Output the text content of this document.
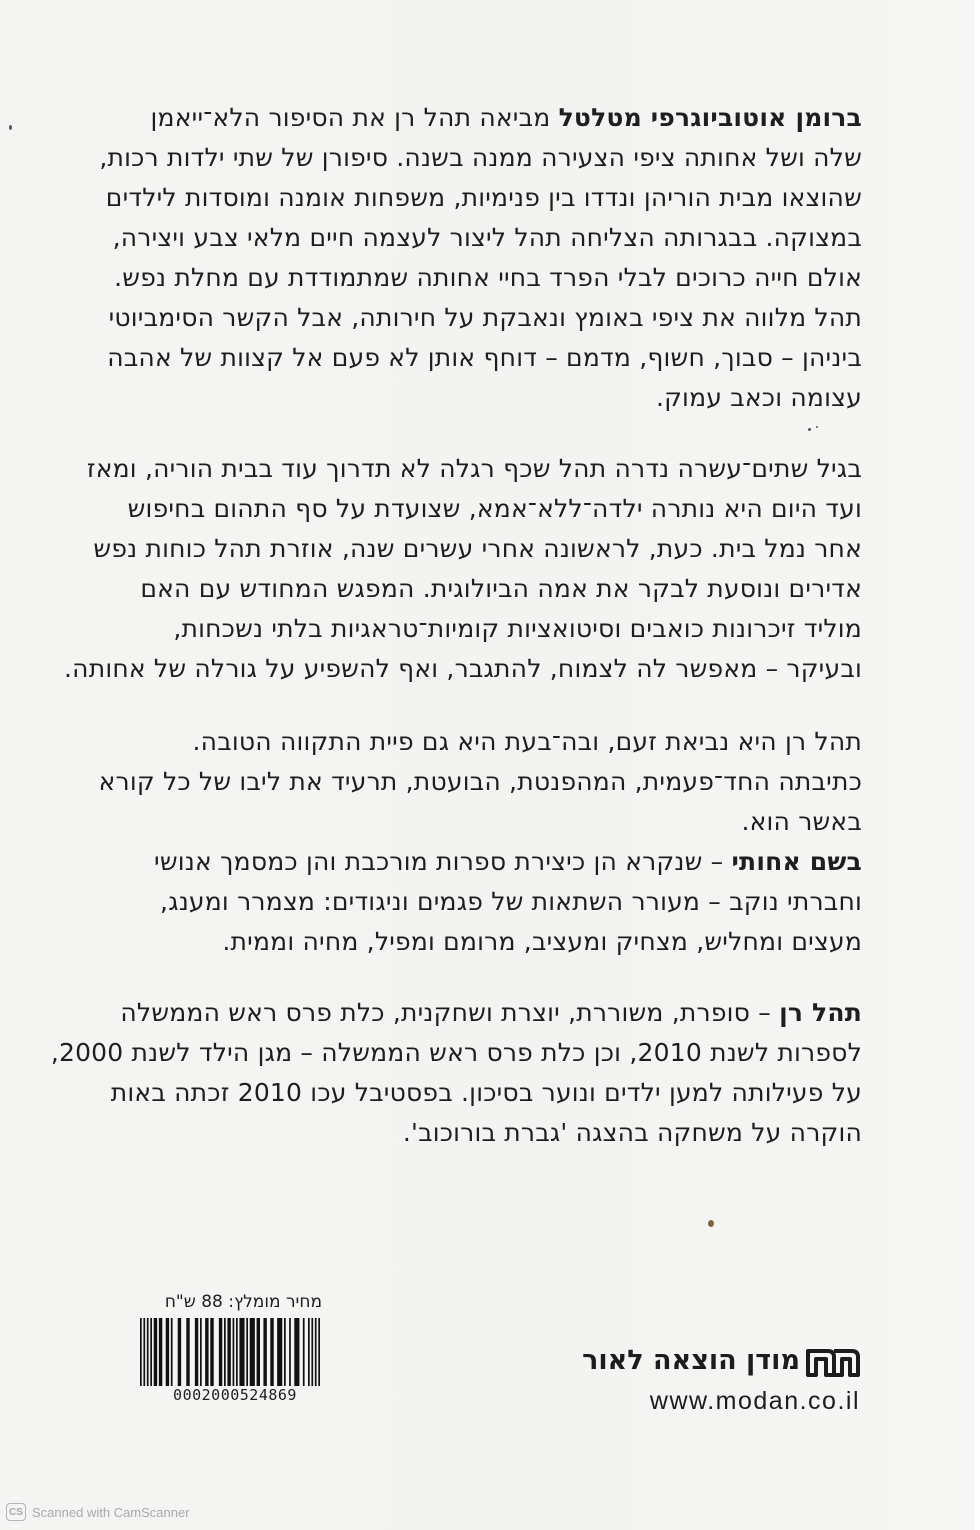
ברומן אוטוביוגרפי מטלטל מביאה תהל רן את הסיפור הלא־ייאמן
שלה ושל אחותה ציפי הצעירה ממנה בשנה. סיפורן של שתי ילדות רכות,
שהוצאו מבית הוריהן ונדדו בין פנימיות, משפחות אומנה ומוסדות לילדים
במצוקה. בבגרותה הצליחה תהל ליצור לעצמה חיים מלאי צבע ויצירה,
אולם חייה כרוכים לבלי הפרד בחיי אחותה שמתמודדת עם מחלת נפש.
תהל מלווה את ציפי באומץ ונאבקת על חירותה, אבל הקשר הסימביוטי
ביניהן – סבוך, חשוף, מדמם – דוחף אותן לא פעם אל קצוות של אהבה
עצומה וכאב עמוק.
בגיל שתים־עשרה נדרה תהל שכף רגלה לא תדרוך עוד בבית הוריה, ומאז
ועד היום היא נותרה ילדה־ללא־אמא, שצועדת על סף התהום בחיפוש
אחר נמל בית. כעת, לראשונה אחרי עשרים שנה, אוזרת תהל כוחות נפש
אדירים ונוסעת לבקר את אמה הביולוגית. המפגש המחודש עם האם
מוליד זיכרונות כואבים וסיטואציות קומיות־טראגיות בלתי נשכחות,
ובעיקר – מאפשר לה לצמוח, להתגבר, ואף להשפיע על גורלה של אחותה.
תהל רן היא נביאת זעם, ובה־בעת היא גם פיית התקווה הטובה.
כתיבתה החד־פעמית, המהפנטת, הבועטת, תרעיד את ליבו של כל קורא
באשר הוא.
בשם אחותי – שנקרא הן כיצירת ספרות מורכבת והן כמסמך אנושי
וחברתי נוקב – מעורר השתאות של פגמים וניגודים: מצמרר ומענג,
מעצים ומחליש, מצחיק ומעציב, מרומם ומפיל, מחיה וממית.
תהל רן – סופרת, משוררת, יוצרת ושחקנית, כלת פרס ראש הממשלה
לספרות לשנת 2010, וכן כלת פרס ראש הממשלה – מגן הילד לשנת 2000,
על פעילותה למען ילדים ונוער בסיכון. בפסטיבל עכו 2010 זכתה באות
הוקרה על משחקה בהצגה 'גברת בורוכוב'.
מחיר מומלץ: 88 ש"ח
0002000524869
מודן הוצאה לאור
www.modan.co.il
CS Scanned with CamScanner
